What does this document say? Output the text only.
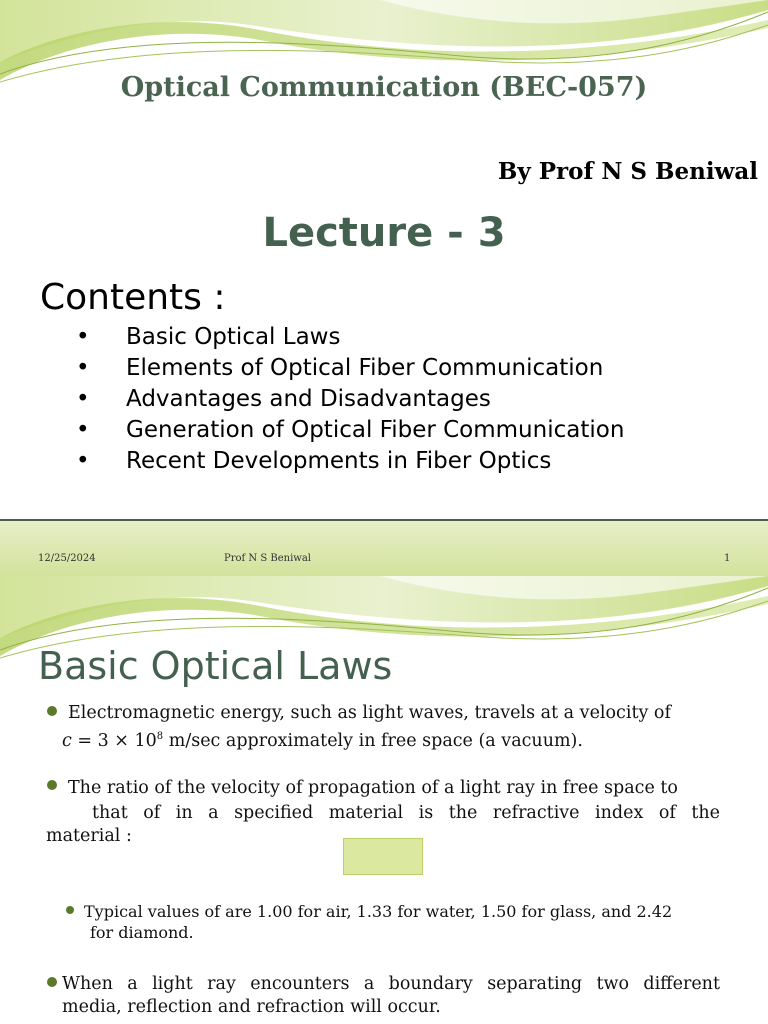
Optical Communication (BEC-057)
By Prof N S Beniwal
Lecture - 3
Contents :
• Basic Optical Laws
• Elements of Optical Fiber Communication
• Advantages and Disadvantages
• Generation of Optical Fiber Communication
• Recent Developments in Fiber Optics
12/25/2024	Prof N S Beniwal	1
Basic Optical Laws
Electromagnetic energy, such as light waves, travels at a velocity of
$c = 3 \times 10^8$ m/sec approximately in free space (a vacuum).
The ratio of the velocity of propagation of a light ray in free space to
that of in a specified material is the refractive index of the
material :
Typical values of are 1.00 for air, 1.33 for water, 1.50 for glass, and 2.42
for diamond.
When a light ray encounters a boundary separating two different
media, reflection and refraction will occur.
